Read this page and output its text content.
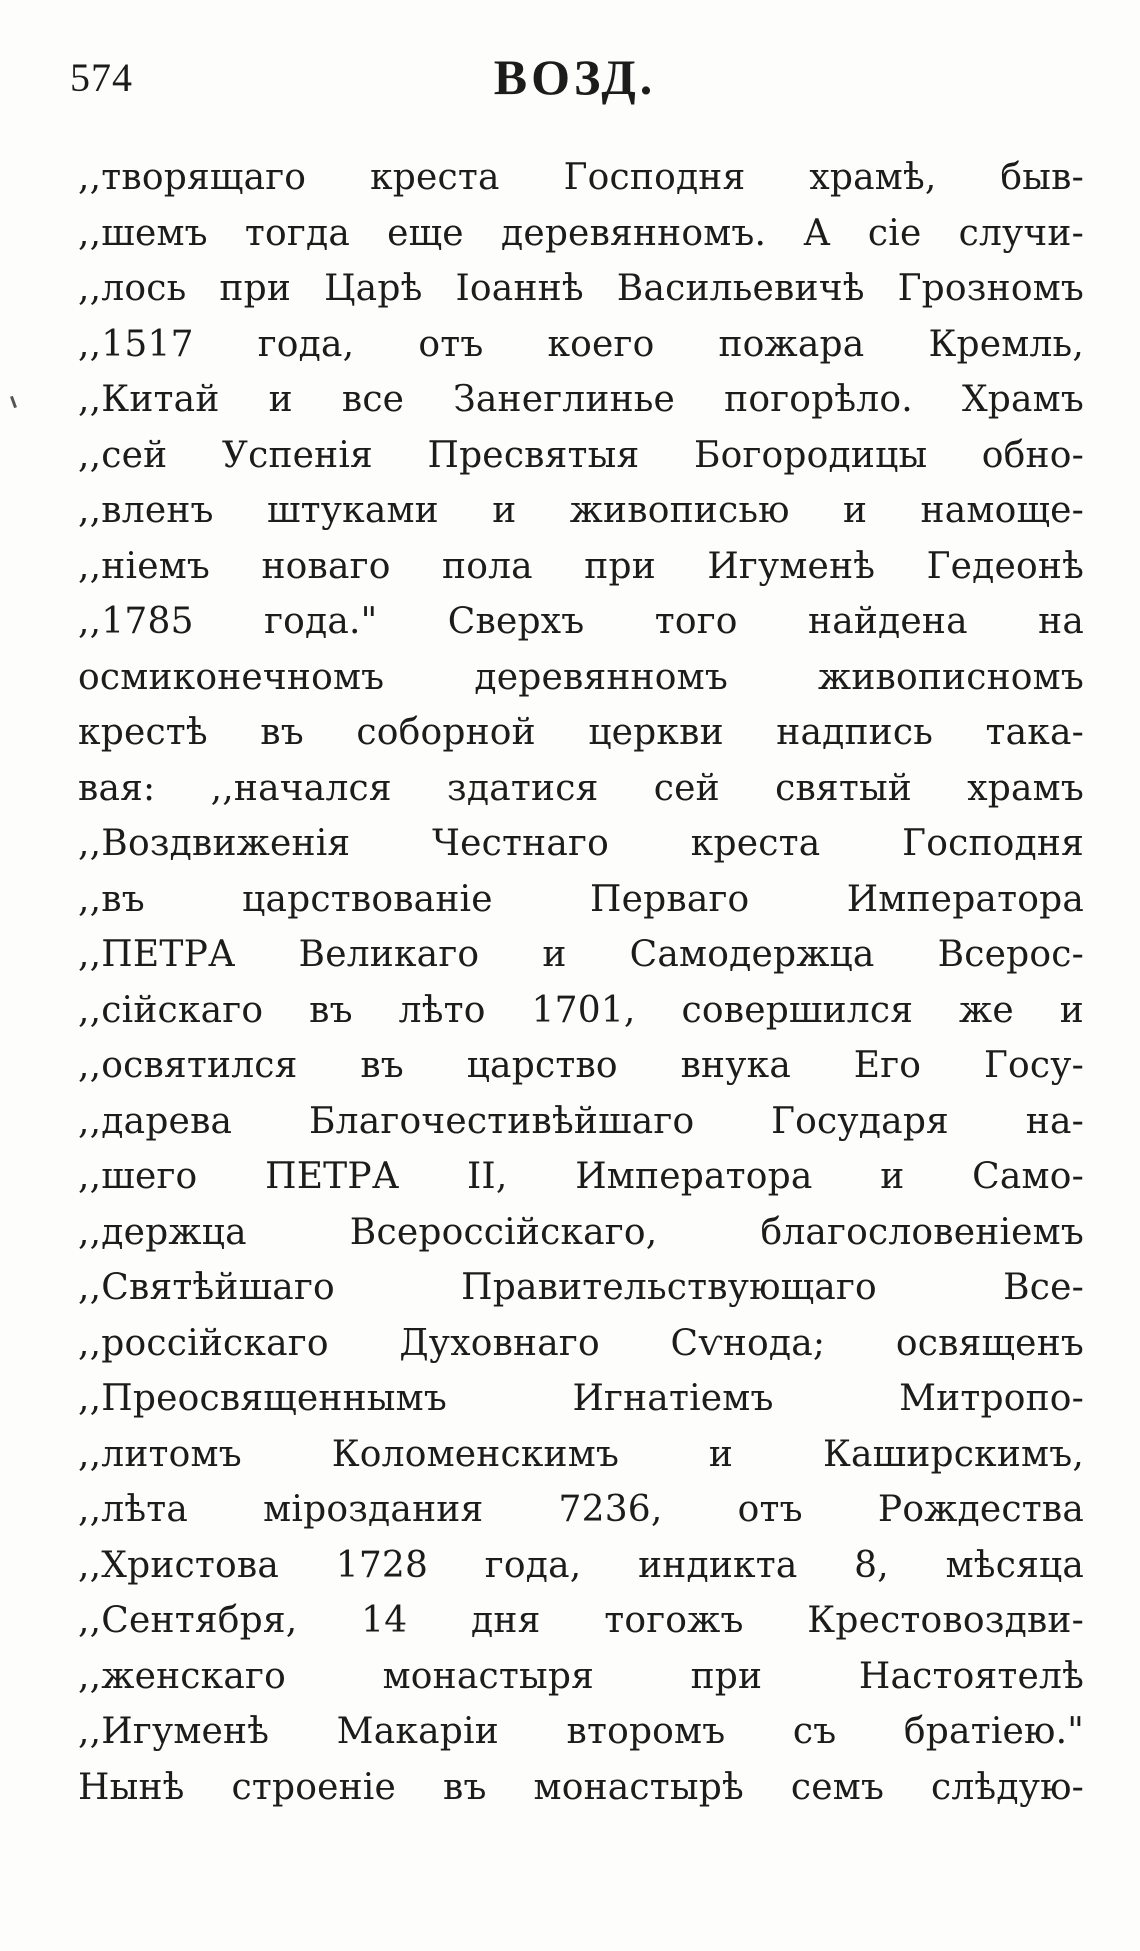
574	ВОЗД.
,,творящаго креста Господня храмѣ, быв-
,,шемъ тогда еще деревянномъ. А сіе случи-
,,лось при Царѣ Іоаннѣ Васильевичѣ Грозномъ
,,1517 года, отъ коего пожара Кремль,
,,Китай и все Занеглинье погорѣло. Храмъ
,,сей Успенія Пресвятыя Богородицы обно-
,,вленъ штуками и живописью и намоще-
,,ніемъ новаго пола при Игуменѣ Гедеонѣ
,,1785 года." Сверхъ того найдена на
осмиконечномъ деревянномъ живописномъ
крестѣ въ соборной церкви надпись така-
вая: ,,начался здатися сей святый храмъ
,,Воздвиженія Честнаго креста Господня
,,въ царствованіе Перваго Императора
,,ПЕТРА Великаго и Самодержца Всерос-
,,сійскаго въ лѣто 1701, совершился же и
,,освятился въ царство внука Его Госу-
,,дарева Благочестивѣйшаго Государя на-
,,шего ПЕТРА II, Императора и Само-
,,держца Всероссійскаго, благословеніемъ
,,Святѣйшаго Правительствующаго Все-
,,россійскаго Духовнаго Сѵнода; освященъ
,,Преосвященнымъ Игнатіемъ Митропо-
,,литомъ Коломенскимъ и Каширскимъ,
,,лѣта міроздания 7236, отъ Рождества
,,Христова 1728 года, индикта 8, мѣсяца
,,Сентября, 14 дня тогожъ Крестовоздви-
,,женскаго монастыря при Настоятелѣ
,,Игуменѣ Макаріи второмъ съ братіею."
Нынѣ строеніе въ монастырѣ семъ слѣдую-
